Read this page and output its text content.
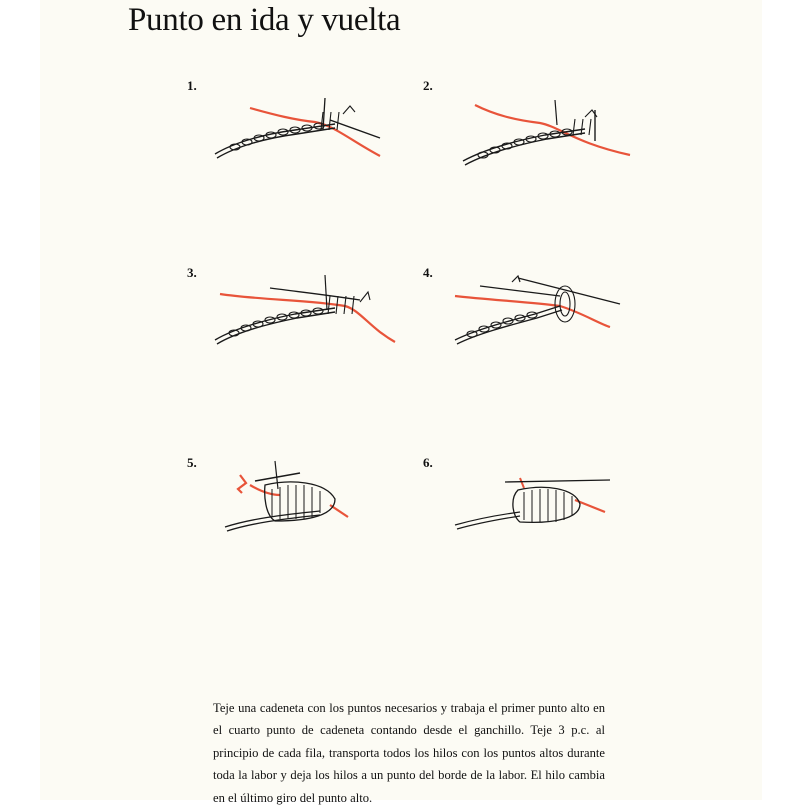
Punto en ida y vuelta
1.	2.
3.	4.
5.	6.

Teje una cadeneta con los puntos necesarios y trabaja el primer punto alto en el cuarto punto de cadeneta contando desde el ganchillo. Teje 3 p.c. al principio de cada fila, transporta todos los hilos con los puntos altos durante toda la labor y deja los hilos a un punto del borde de la labor. El hilo cambia en el último giro del punto alto.
